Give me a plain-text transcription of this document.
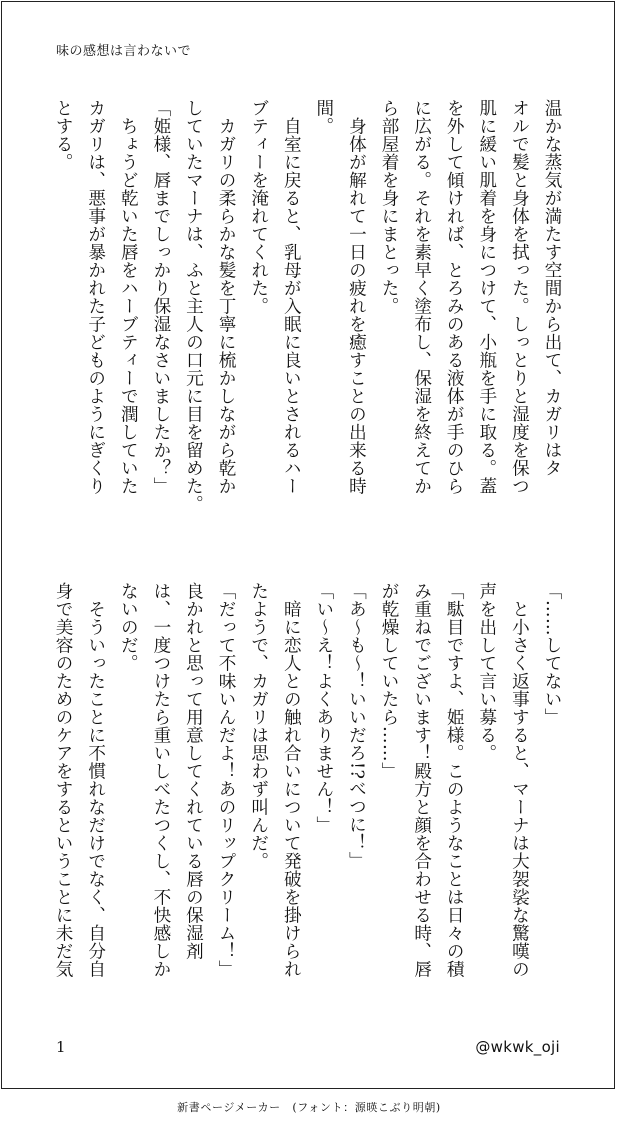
味の感想は言わないで

温かな蒸気が満たす空間から出て、カガリはタ

オルで髪と身体を拭った。しっとりと湿度を保つ

肌に緩い肌着を身につけて、小瓶を手に取る。蓋

を外して傾ければ、とろみのある液体が手のひら

に広がる。それを素早く塗布し、保湿を終えてか

ら部屋着を身にまとった。

　身体が解れて一日の疲れを癒すことの出来る時

間。

　自室に戻ると、乳母が入眠に良いとされるハー

ブティーを淹れてくれた。

　カガリの柔らかな髪を丁寧に梳かしながら乾か

していたマーナは、ふと主人の口元に目を留めた。

「姫様、唇までしっかり保湿なさいましたか？」

　ちょうど乾いた唇をハーブティーで潤していた

カガリは、悪事が暴かれた子どものようにぎくり

とする。

「……してない」

　と小さく返事すると、マーナは大袈裟な驚嘆の

声を出して言い募る。

「駄目ですよ、姫様。このようなことは日々の積

み重ねでございます！殿方と顔を合わせる時、唇

が乾燥していたら……」

「あ〜も〜！いいだろ!?べつに！」

「い〜え！よくありません！」

　暗に恋人との触れ合いについて発破を掛けられ

たようで、カガリは思わず叫んだ。

「だって不味いんだよ！あのリップクリーム！」

良かれと思って用意してくれている唇の保湿剤

は、一度つけたら重いしべたつくし、不快感しか

ないのだ。

　そういったことに不慣れなだけでなく、自分自

身で美容のためのケアをするということに未だ気

1	@wkwk_oji
新書ページメーカー　(フォント：源暎こぶり明朝)
